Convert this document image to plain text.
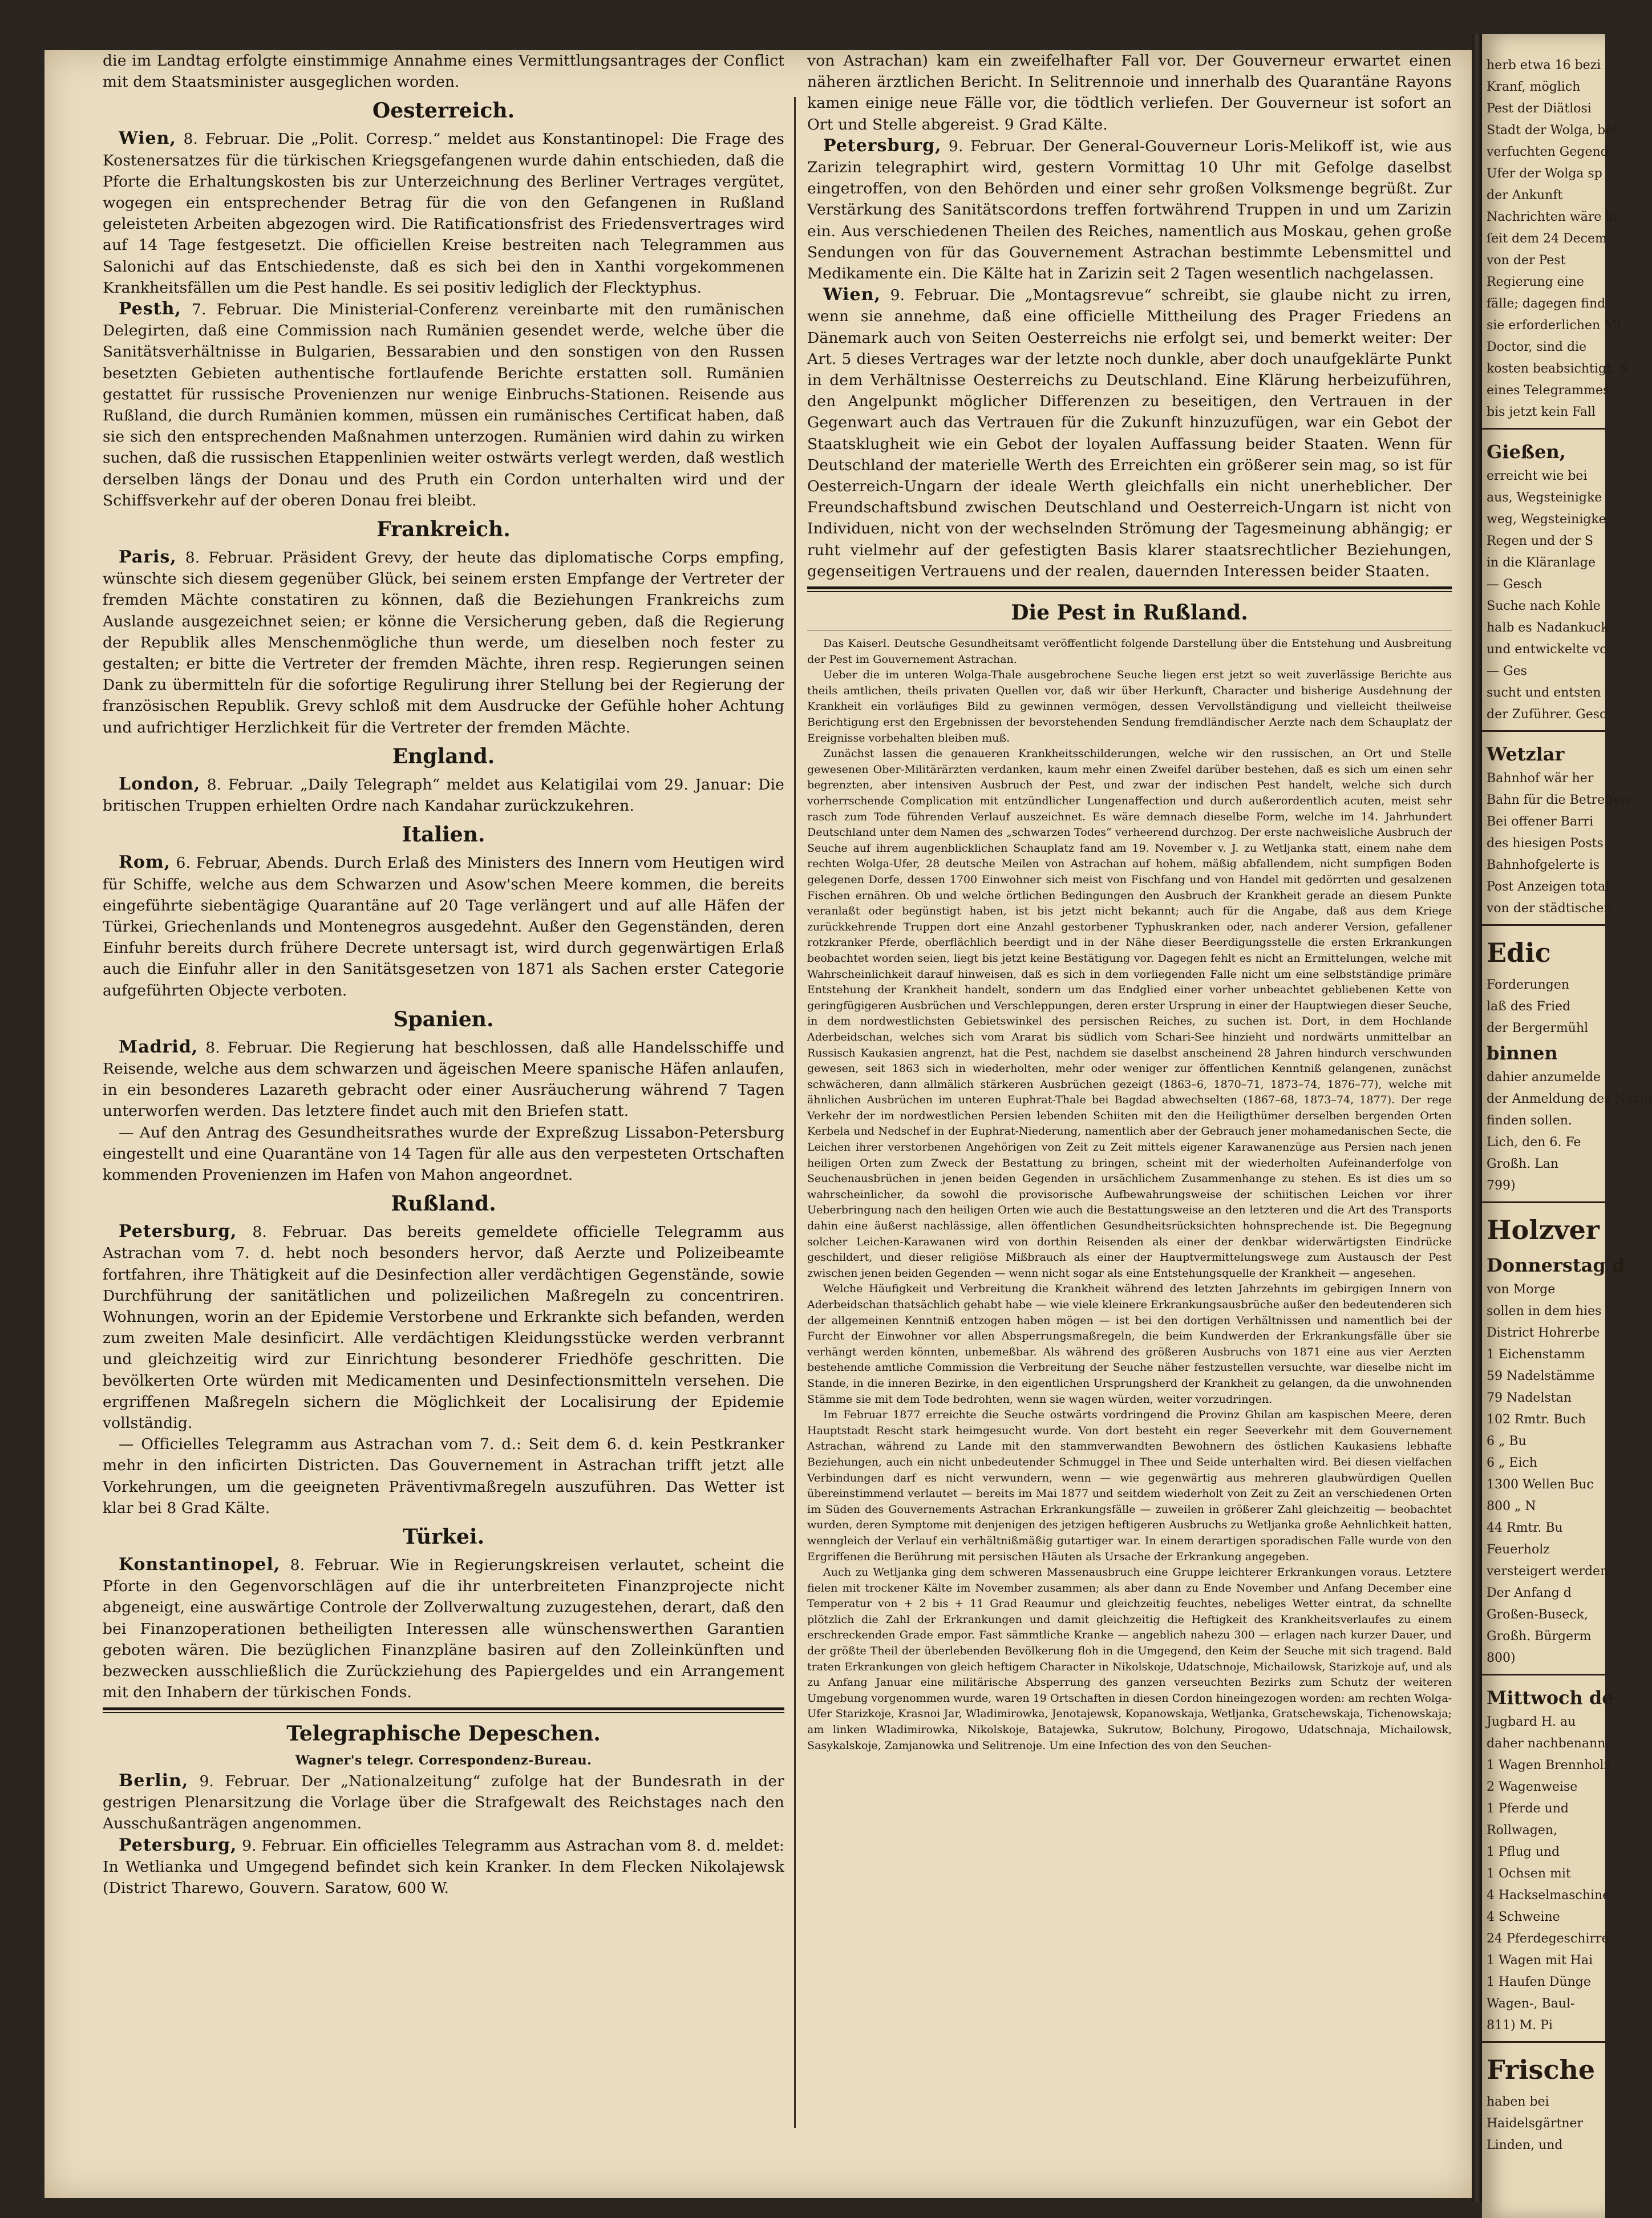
die im Landtag erfolgte einstimmige Annahme eines Vermittlungsantrages der Conflict mit dem Staatsminister ausgeglichen worden.

Oesterreich.

Wien, 8. Februar. Die „Polit. Corresp.“ meldet aus Konstantinopel: Die Frage des Kostenersatzes für die türkischen Kriegsgefangenen wurde dahin entschieden, daß die Pforte die Erhaltungskosten bis zur Unterzeichnung des Berliner Vertrages vergütet, wogegen ein entsprechender Betrag für die von den Gefangenen in Rußland geleisteten Arbeiten abgezogen wird. Die Ratificationsfrist des Friedensvertrages wird auf 14 Tage festgesetzt. Die officiellen Kreise bestreiten nach Telegrammen aus Salonichi auf das Entschiedenste, daß es sich bei den in Xanthi vorgekommenen Krankheitsfällen um die Pest handle. Es sei positiv lediglich der Flecktyphus.

Pesth, 7. Februar. Die Ministerial-Conferenz vereinbarte mit den rumänischen Delegirten, daß eine Commission nach Rumänien gesendet werde, welche über die Sanitätsverhältnisse in Bulgarien, Bessarabien und den sonstigen von den Russen besetzten Gebieten authentische fortlaufende Berichte erstatten soll. Rumänien gestattet für russische Provenienzen nur wenige Einbruchs-Stationen. Reisende aus Rußland, die durch Rumänien kommen, müssen ein rumänisches Certificat haben, daß sie sich den entsprechenden Maßnahmen unterzogen. Rumänien wird dahin zu wirken suchen, daß die russischen Etappenlinien weiter ostwärts verlegt werden, daß westlich derselben längs der Donau und des Pruth ein Cordon unterhalten wird und der Schiffsverkehr auf der oberen Donau frei bleibt.

Frankreich.

Paris, 8. Februar. Präsident Grevy, der heute das diplomatische Corps empfing, wünschte sich diesem gegenüber Glück, bei seinem ersten Empfange der Vertreter der fremden Mächte constatiren zu können, daß die Beziehungen Frankreichs zum Auslande ausgezeichnet seien; er könne die Versicherung geben, daß die Regierung der Republik alles Menschenmögliche thun werde, um dieselben noch fester zu gestalten; er bitte die Vertreter der fremden Mächte, ihren resp. Regierungen seinen Dank zu übermitteln für die sofortige Regulirung ihrer Stellung bei der Regierung der französischen Republik. Grevy schloß mit dem Ausdrucke der Gefühle hoher Achtung und aufrichtiger Herzlichkeit für die Vertreter der fremden Mächte.

England.

London, 8. Februar. „Daily Telegraph“ meldet aus Kelatigilai vom 29. Januar: Die britischen Truppen erhielten Ordre nach Kandahar zurückzukehren.

Italien.

Rom, 6. Februar, Abends. Durch Erlaß des Ministers des Innern vom Heutigen wird für Schiffe, welche aus dem Schwarzen und Asow'schen Meere kommen, die bereits eingeführte siebentägige Quarantäne auf 20 Tage verlängert und auf alle Häfen der Türkei, Griechenlands und Montenegros ausgedehnt. Außer den Gegenständen, deren Einfuhr bereits durch frühere Decrete untersagt ist, wird durch gegenwärtigen Erlaß auch die Einfuhr aller in den Sanitätsgesetzen von 1871 als Sachen erster Categorie aufgeführten Objecte verboten.

Spanien.

Madrid, 8. Februar. Die Regierung hat beschlossen, daß alle Handelsschiffe und Reisende, welche aus dem schwarzen und ägeischen Meere spanische Häfen anlaufen, in ein besonderes Lazareth gebracht oder einer Ausräucherung während 7 Tagen unterworfen werden. Das letztere findet auch mit den Briefen statt.

— Auf den Antrag des Gesundheitsrathes wurde der Expreßzug Lissabon-Petersburg eingestellt und eine Quarantäne von 14 Tagen für alle aus den verpesteten Ortschaften kommenden Provenienzen im Hafen von Mahon angeordnet.

Rußland.

Petersburg, 8. Februar. Das bereits gemeldete officielle Telegramm aus Astrachan vom 7. d. hebt noch besonders hervor, daß Aerzte und Polizeibeamte fortfahren, ihre Thätigkeit auf die Desinfection aller verdächtigen Gegenstände, sowie Durchführung der sanitätlichen und polizeilichen Maßregeln zu concentriren. Wohnungen, worin an der Epidemie Verstorbene und Erkrankte sich befanden, werden zum zweiten Male desinficirt. Alle verdächtigen Kleidungsstücke werden verbrannt und gleichzeitig wird zur Einrichtung besonderer Friedhöfe geschritten. Die bevölkerten Orte würden mit Medicamenten und Desinfectionsmitteln versehen. Die ergriffenen Maßregeln sichern die Möglichkeit der Localisirung der Epidemie vollständig.

— Officielles Telegramm aus Astrachan vom 7. d.: Seit dem 6. d. kein Pestkranker mehr in den inficirten Districten. Das Gouvernement in Astrachan trifft jetzt alle Vorkehrungen, um die geeigneten Präventivmaßregeln auszuführen. Das Wetter ist klar bei 8 Grad Kälte.

Türkei.

Konstantinopel, 8. Februar. Wie in Regierungskreisen verlautet, scheint die Pforte in den Gegenvorschlägen auf die ihr unterbreiteten Finanzprojecte nicht abgeneigt, eine auswärtige Controle der Zollverwaltung zuzugestehen, derart, daß den bei Finanzoperationen betheiligten Interessen alle wünschenswerthen Garantien geboten wären. Die bezüglichen Finanzpläne basiren auf den Zolleinkünften und bezwecken ausschließlich die Zurückziehung des Papiergeldes und ein Arrangement mit den Inhabern der türkischen Fonds.

Telegraphische Depeschen.
Wagner's telegr. Correspondenz-Bureau.

Berlin, 9. Februar. Der „Nationalzeitung“ zufolge hat der Bundesrath in der gestrigen Plenarsitzung die Vorlage über die Strafgewalt des Reichstages nach den Ausschußanträgen angenommen.

Petersburg, 9. Februar. Ein officielles Telegramm aus Astrachan vom 8. d. meldet: In Wetlianka und Umgegend befindet sich kein Kranker. In dem Flecken Nikolajewsk (District Tharewo, Gouvern. Saratow, 600 W.

von Astrachan) kam ein zweifelhafter Fall vor. Der Gouverneur erwartet einen näheren ärztlichen Bericht. In Selitrennoie und innerhalb des Quarantäne Rayons kamen einige neue Fälle vor, die tödtlich verliefen. Der Gouverneur ist sofort an Ort und Stelle abgereist. 9 Grad Kälte.

Petersburg, 9. Februar. Der General-Gouverneur Loris-Melikoff ist, wie aus Zarizin telegraphirt wird, gestern Vormittag 10 Uhr mit Gefolge daselbst eingetroffen, von den Behörden und einer sehr großen Volksmenge begrüßt. Zur Verstärkung des Sanitätscordons treffen fortwährend Truppen in und um Zarizin ein. Aus verschiedenen Theilen des Reiches, namentlich aus Moskau, gehen große Sendungen von für das Gouvernement Astrachan bestimmte Lebensmittel und Medikamente ein. Die Kälte hat in Zarizin seit 2 Tagen wesentlich nachgelassen.

Wien, 9. Februar. Die „Montagsrevue“ schreibt, sie glaube nicht zu irren, wenn sie annehme, daß eine officielle Mittheilung des Prager Friedens an Dänemark auch von Seiten Oesterreichs nie erfolgt sei, und bemerkt weiter: Der Art. 5 dieses Vertrages war der letzte noch dunkle, aber doch unaufgeklärte Punkt in dem Verhältnisse Oesterreichs zu Deutschland. Eine Klärung herbeizuführen, den Angelpunkt möglicher Differenzen zu beseitigen, den Vertrauen in der Gegenwart auch das Vertrauen für die Zukunft hinzuzufügen, war ein Gebot der Staatsklugheit wie ein Gebot der loyalen Auffassung beider Staaten. Wenn für Deutschland der materielle Werth des Erreichten ein größerer sein mag, so ist für Oesterreich-Ungarn der ideale Werth gleichfalls ein nicht unerheblicher. Der Freundschaftsbund zwischen Deutschland und Oesterreich-Ungarn ist nicht von Individuen, nicht von der wechselnden Strömung der Tagesmeinung abhängig; er ruht vielmehr auf der gefestigten Basis klarer staatsrechtlicher Beziehungen, gegenseitigen Vertrauens und der realen, dauernden Interessen beider Staaten.

Die Pest in Rußland.

Das Kaiserl. Deutsche Gesundheitsamt veröffentlicht folgende Darstellung über die Entstehung und Ausbreitung der Pest im Gouvernement Astrachan.

Ueber die im unteren Wolga-Thale ausgebrochene Seuche liegen erst jetzt so weit zuverlässige Berichte aus theils amtlichen, theils privaten Quellen vor, daß wir über Herkunft, Character und bisherige Ausdehnung der Krankheit ein vorläufiges Bild zu gewinnen vermögen, dessen Vervollständigung und vielleicht theilweise Berichtigung erst den Ergebnissen der bevorstehenden Sendung fremdländischer Aerzte nach dem Schauplatz der Ereignisse vorbehalten bleiben muß.

Zunächst lassen die genaueren Krankheitsschilderungen, welche wir den russischen, an Ort und Stelle gewesenen Ober-Militärärzten verdanken, kaum mehr einen Zweifel darüber bestehen, daß es sich um einen sehr begrenzten, aber intensiven Ausbruch der Pest, und zwar der indischen Pest handelt, welche sich durch vorherrschende Complication mit entzündlicher Lungenaffection und durch außerordentlich acuten, meist sehr rasch zum Tode führenden Verlauf auszeichnet. Es wäre demnach dieselbe Form, welche im 14. Jahrhundert Deutschland unter dem Namen des „schwarzen Todes“ verheerend durchzog. Der erste nachweisliche Ausbruch der Seuche auf ihrem augenblicklichen Schauplatz fand am 19. November v. J. zu Wetljanka statt, einem nahe dem rechten Wolga-Ufer, 28 deutsche Meilen von Astrachan auf hohem, mäßig abfallendem, nicht sumpfigen Boden gelegenen Dorfe, dessen 1700 Einwohner sich meist von Fischfang und von Handel mit gedörrten und gesalzenen Fischen ernähren. Ob und welche örtlichen Bedingungen den Ausbruch der Krankheit gerade an diesem Punkte veranlaßt oder begünstigt haben, ist bis jetzt nicht bekannt; auch für die Angabe, daß aus dem Kriege zurückkehrende Truppen dort eine Anzahl gestorbener Typhuskranken oder, nach anderer Version, gefallener rotzkranker Pferde, oberflächlich beerdigt und in der Nähe dieser Beerdigungsstelle die ersten Erkrankungen beobachtet worden seien, liegt bis jetzt keine Bestätigung vor. Dagegen fehlt es nicht an Ermittelungen, welche mit Wahrscheinlichkeit darauf hinweisen, daß es sich in dem vorliegenden Falle nicht um eine selbstständige primäre Entstehung der Krankheit handelt, sondern um das Endglied einer vorher unbeachtet gebliebenen Kette von geringfügigeren Ausbrüchen und Verschleppungen, deren erster Ursprung in einer der Hauptwiegen dieser Seuche, in dem nordwestlichsten Gebietswinkel des persischen Reiches, zu suchen ist. Dort, in dem Hochlande Aderbeidschan, welches sich vom Ararat bis südlich vom Schari-See hinzieht und nordwärts unmittelbar an Russisch Kaukasien angrenzt, hat die Pest, nachdem sie daselbst anscheinend 28 Jahren hindurch verschwunden gewesen, seit 1863 sich in wiederholten, mehr oder weniger zur öffentlichen Kenntniß gelangenen, zunächst schwächeren, dann allmälich stärkeren Ausbrüchen gezeigt (1863–6, 1870–71, 1873–74, 1876–77), welche mit ähnlichen Ausbrüchen im unteren Euphrat-Thale bei Bagdad abwechselten (1867–68, 1873–74, 1877). Der rege Verkehr der im nordwestlichen Persien lebenden Schiiten mit den die Heiligthümer derselben bergenden Orten Kerbela und Nedschef in der Euphrat-Niederung, namentlich aber der Gebrauch jener mohamedanischen Secte, die Leichen ihrer verstorbenen Angehörigen von Zeit zu Zeit mittels eigener Karawanenzüge aus Persien nach jenen heiligen Orten zum Zweck der Bestattung zu bringen, scheint mit der wiederholten Aufeinanderfolge von Seuchenausbrüchen in jenen beiden Gegenden in ursächlichem Zusammenhange zu stehen. Es ist dies um so wahrscheinlicher, da sowohl die provisorische Aufbewahrungsweise der schiitischen Leichen vor ihrer Ueberbringung nach den heiligen Orten wie auch die Bestattungsweise an den letzteren und die Art des Transports dahin eine äußerst nachlässige, allen öffentlichen Gesundheitsrücksichten hohnsprechende ist. Die Begegnung solcher Leichen-Karawanen wird von dorthin Reisenden als einer der denkbar widerwärtigsten Eindrücke geschildert, und dieser religiöse Mißbrauch als einer der Hauptvermittelungswege zum Austausch der Pest zwischen jenen beiden Gegenden — wenn nicht sogar als eine Entstehungsquelle der Krankheit — angesehen.

Welche Häufigkeit und Verbreitung die Krankheit während des letzten Jahrzehnts im gebirgigen Innern von Aderbeidschan thatsächlich gehabt habe — wie viele kleinere Erkrankungsausbrüche außer den bedeutenderen sich der allgemeinen Kenntniß entzogen haben mögen — ist bei den dortigen Verhältnissen und namentlich bei der Furcht der Einwohner vor allen Absperrungsmaßregeln, die beim Kundwerden der Erkrankungsfälle über sie verhängt werden könnten, unbemeßbar. Als während des größeren Ausbruchs von 1871 eine aus vier Aerzten bestehende amtliche Commission die Verbreitung der Seuche näher festzustellen versuchte, war dieselbe nicht im Stande, in die inneren Bezirke, in den eigentlichen Ursprungsherd der Krankheit zu gelangen, da die unwohnenden Stämme sie mit dem Tode bedrohten, wenn sie wagen würden, weiter vorzudringen.

Im Februar 1877 erreichte die Seuche ostwärts vordringend die Provinz Ghilan am kaspischen Meere, deren Hauptstadt Rescht stark heimgesucht wurde. Von dort besteht ein reger Seeverkehr mit dem Gouvernement Astrachan, während zu Lande mit den stammverwandten Bewohnern des östlichen Kaukasiens lebhafte Beziehungen, auch ein nicht unbedeutender Schmuggel in Thee und Seide unterhalten wird. Bei diesen vielfachen Verbindungen darf es nicht verwundern, wenn — wie gegenwärtig aus mehreren glaubwürdigen Quellen übereinstimmend verlautet — bereits im Mai 1877 und seitdem wiederholt von Zeit zu Zeit an verschiedenen Orten im Süden des Gouvernements Astrachan Erkrankungsfälle — zuweilen in größerer Zahl gleichzeitig — beobachtet wurden, deren Symptome mit denjenigen des jetzigen heftigeren Ausbruchs zu Wetljanka große Aehnlichkeit hatten, wenngleich der Verlauf ein verhältnißmäßig gutartiger war. In einem derartigen sporadischen Falle wurde von den Ergriffenen die Berührung mit persischen Häuten als Ursache der Erkrankung angegeben.

Auch zu Wetljanka ging dem schweren Massenausbruch eine Gruppe leichterer Erkrankungen voraus. Letztere fielen mit trockener Kälte im November zusammen; als aber dann zu Ende November und Anfang December eine Temperatur von + 2 bis + 11 Grad Reaumur und gleichzeitig feuchtes, nebeliges Wetter eintrat, da schnellte plötzlich die Zahl der Erkrankungen und damit gleichzeitig die Heftigkeit des Krankheitsverlaufes zu einem erschreckenden Grade empor. Fast sämmtliche Kranke — angeblich nahezu 300 — erlagen nach kurzer Dauer, und der größte Theil der überlebenden Bevölkerung floh in die Umgegend, den Keim der Seuche mit sich tragend. Bald traten Erkrankungen von gleich heftigem Character in Nikolskoje, Udatschnoje, Michailowsk, Starizkoje auf, und als zu Anfang Januar eine militärische Absperrung des ganzen verseuchten Bezirks zum Schutz der weiteren Umgebung vorgenommen wurde, waren 19 Ortschaften in diesen Cordon hineingezogen worden: am rechten Wolga-Ufer Starizkoje, Krasnoi Jar, Wladimirowka, Jenotajewsk, Kopanowskaja, Wetljanka, Gratschewskaja, Tichenowskaja; am linken Wladimirowka, Nikolskoje, Batajewka, Sukrutow, Bolchuny, Pirogowo, Udatschnaja, Michailowsk, Sasykalskoje, Zamjanowka und Selitrenoje. Um eine Infection des von den Seuchen-

herb etwa 16 bezi
Kranf, möglich
Pest der Diätlosi
Stadt der Wolga, beſ
verfuchten Gegend
Ufer der Wolga sp
der Ankunft
Nachrichten wäre bi
ſeit dem 24 Decem
von der Pest
Regierung eine
fälle; dagegen find
sie erforderlichen Mi
Doctor, sind die
kosten beabsichtigt. S
eines Telegrammes
bis jetzt kein Fall
Gießen,
erreicht wie bei
aus, Wegsteinigke
weg, Wegsteinigke
Regen und der S
in die Kläranlage
— Gesch
Suche nach Kohle
halb es Nadankuck
und entwickelte vo
— Ges
sucht und entsten
der Zuführer. Gesc
Wetzlar
Bahnhof wär her
Bahn für die Betreffen
Bei offener Barri
des hiesigen Posts
Bahnhofgelerte is
Post Anzeigen total
von der städtischen
Edic
Forderungen
laß des Fried
der Bergermühl
binnen
dahier anzumelde
der Anmeldung des Nachl
finden sollen.
Lich, den 6. Fe
Großh. Lan
799)
Holzver
Donnerstag d
von Morge
sollen in dem hies
District Hohrerbe
1 Eichenstamm
59 Nadelstämme
79 Nadelstan
102 Rmtr. Buch
6 „ Bu
6 „ Eich
1300 Wellen Buc
800 „ N
44 Rmtr. Bu
Feuerholz
versteigert werden
Der Anfang d
Großen-Buseck,
Großh. Bürgerm
800)
Mittwoch de
Jugbard H. au
daher nachbenann
1 Wagen Brennholz
2 Wagenweise
1 Pferde und
Rollwagen,
1 Pflug und
1 Ochsen mit
4 Hackselmaschine
4 Schweine
24 Pferdegeschirre
1 Wagen mit Hai
1 Haufen Dünge
Wagen-, Baul-
811) M. Pi
Frische
haben bei
Haidelsgärtner
Linden, und
